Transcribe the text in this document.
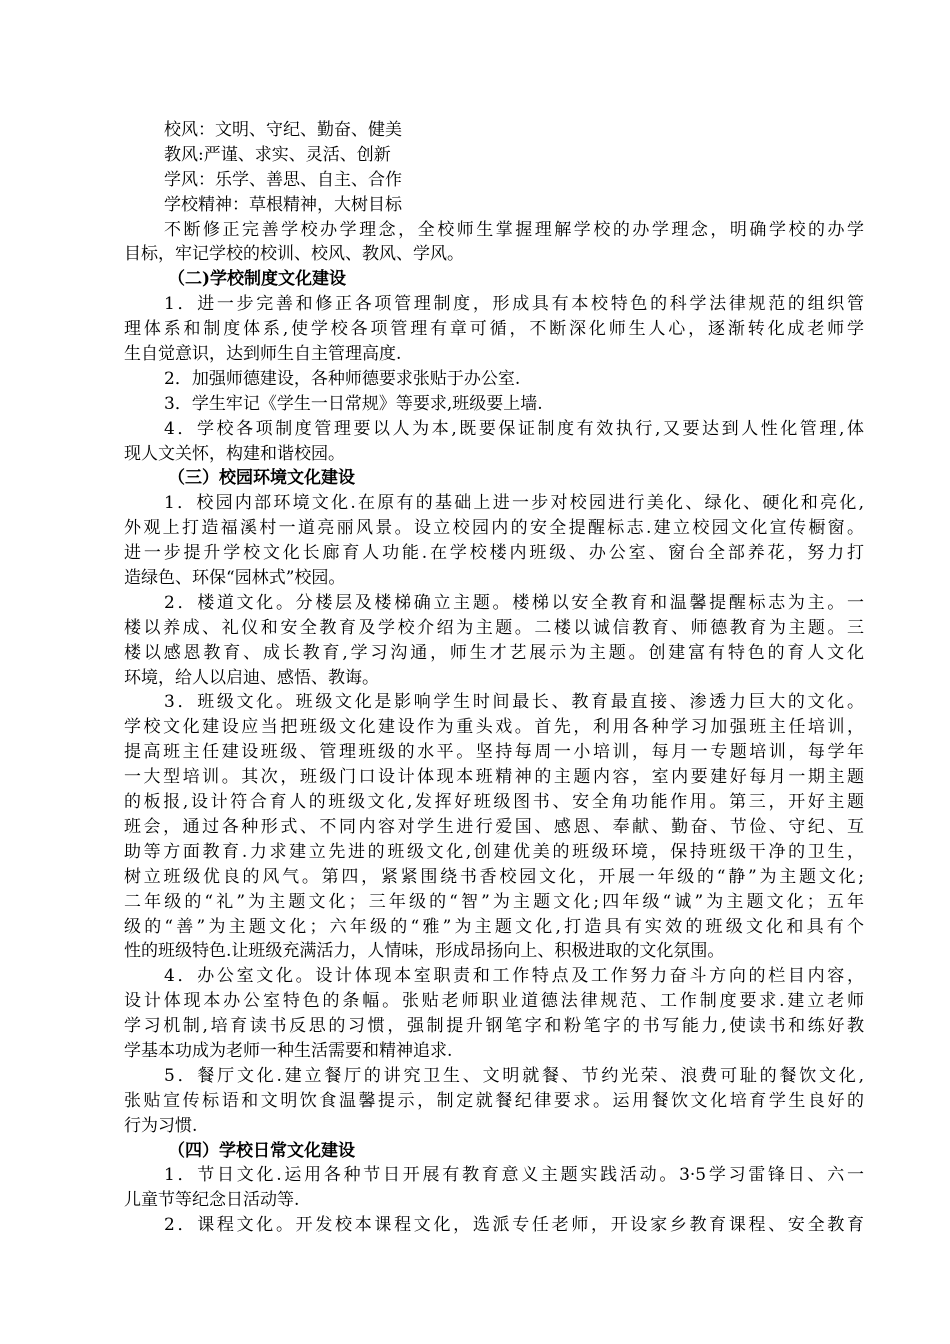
校风：文明、守纪、勤奋、健美
教风:严谨、求实、灵活、创新
学风：乐学、善思、自主、合作
学校精神：草根精神，大树目标
不断修正完善学校办学理念，全校师生掌握理解学校的办学理念，明确学校的办学
目标，牢记学校的校训、校风、教风、学风。
（二)学校制度文化建设
1．进一步完善和修正各项管理制度，形成具有本校特色的科学法律规范的组织管
理体系和制度体系,使学校各项管理有章可循，不断深化师生人心，逐渐转化成老师学
生自觉意识，达到师生自主管理高度.
2．加强师德建设，各种师德要求张贴于办公室.
3．学生牢记《学生一日常规》等要求,班级要上墙.
4．学校各项制度管理要以人为本,既要保证制度有效执行,又要达到人性化管理,体
现人文关怀，构建和谐校园。
（三）校园环境文化建设
1．校园内部环境文化.在原有的基础上进一步对校园进行美化、绿化、硬化和亮化,
外观上打造福溪村一道亮丽风景。设立校园内的安全提醒标志.建立校园文化宣传橱窗。
进一步提升学校文化长廊育人功能.在学校楼内班级、办公室、窗台全部养花，努力打
造绿色、环保“园林式”校园。
2．楼道文化。分楼层及楼梯确立主题。楼梯以安全教育和温馨提醒标志为主。一
楼以养成、礼仪和安全教育及学校介绍为主题。二楼以诚信教育、师德教育为主题。三
楼以感恩教育、成长教育,学习沟通，师生才艺展示为主题。创建富有特色的育人文化
环境，给人以启迪、感悟、教诲。
3．班级文化。班级文化是影响学生时间最长、教育最直接、渗透力巨大的文化。
学校文化建设应当把班级文化建设作为重头戏。首先，利用各种学习加强班主任培训，
提高班主任建设班级、管理班级的水平。坚持每周一小培训，每月一专题培训，每学年
一大型培训。其次，班级门口设计体现本班精神的主题内容，室内要建好每月一期主题
的板报,设计符合育人的班级文化,发挥好班级图书、安全角功能作用。第三，开好主题
班会，通过各种形式、不同内容对学生进行爱国、感恩、奉献、勤奋、节俭、守纪、互
助等方面教育.力求建立先进的班级文化,创建优美的班级环境，保持班级干净的卫生，
树立班级优良的风气。第四，紧紧围绕书香校园文化，开展一年级的“静”为主题文化;
二年级的“礼”为主题文化；三年级的“智”为主题文化;四年级“诚”为主题文化；五年
级的“善”为主题文化；六年级的“雅”为主题文化,打造具有实效的班级文化和具有个
性的班级特色.让班级充满活力，人情味，形成昂扬向上、积极进取的文化氛围。
4．办公室文化。设计体现本室职责和工作特点及工作努力奋斗方向的栏目内容，
设计体现本办公室特色的条幅。张贴老师职业道德法律规范、工作制度要求.建立老师
学习机制,培育读书反思的习惯，强制提升钢笔字和粉笔字的书写能力,使读书和练好教
学基本功成为老师一种生活需要和精神追求.
5．餐厅文化.建立餐厅的讲究卫生、文明就餐、节约光荣、浪费可耻的餐饮文化,
张贴宣传标语和文明饮食温馨提示，制定就餐纪律要求。运用餐饮文化培育学生良好的
行为习惯.
（四）学校日常文化建设
1．节日文化.运用各种节日开展有教育意义主题实践活动。3·5学习雷锋日、六一
儿童节等纪念日活动等.
2．课程文化。开发校本课程文化，选派专任老师，开设家乡教育课程、安全教育
